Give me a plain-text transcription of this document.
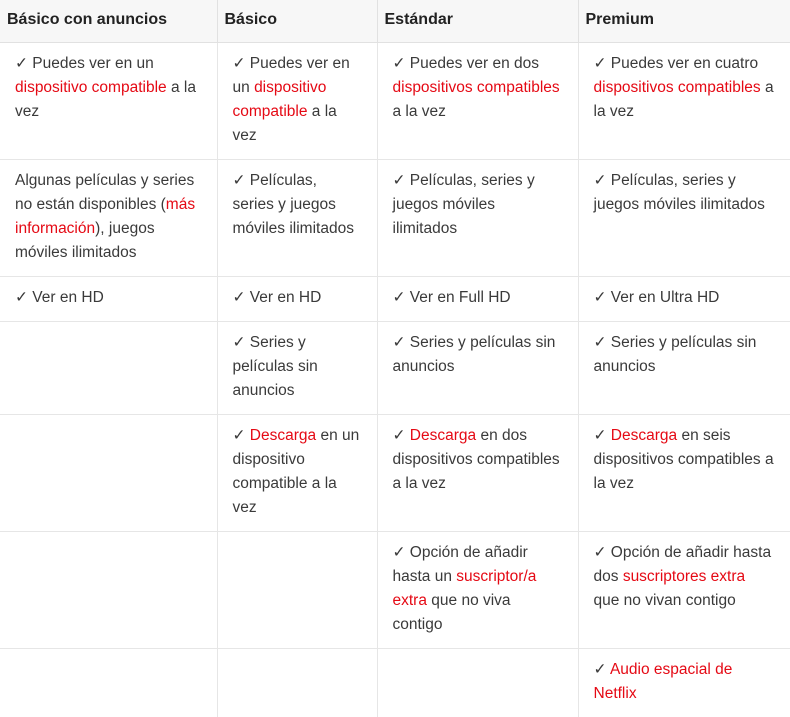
Básico con anuncios	Básico	Estándar	Premium
✓ Puedes ver en un dispositivo compatible a la vez	✓ Puedes ver en un dispositivo compatible a la vez	✓ Puedes ver en dos dispositivos compatibles a la vez	✓ Puedes ver en cuatro dispositivos compatibles a la vez
Algunas películas y series no están disponibles (más información), juegos móviles ilimitados	✓ Películas, series y juegos móviles ilimitados	✓ Películas, series y juegos móviles ilimitados	✓ Películas, series y juegos móviles ilimitados
✓ Ver en HD	✓ Ver en HD	✓ Ver en Full HD	✓ Ver en Ultra HD
	✓ Series y películas sin anuncios	✓ Series y películas sin anuncios	✓ Series y películas sin anuncios
	✓ Descarga en un dispositivo compatible a la vez	✓ Descarga en dos dispositivos compatibles a la vez	✓ Descarga en seis dispositivos compatibles a la vez
		✓ Opción de añadir hasta un suscriptor/a extra que no viva contigo	✓ Opción de añadir hasta dos suscriptores extra que no vivan contigo
			✓ Audio espacial de Netflix
